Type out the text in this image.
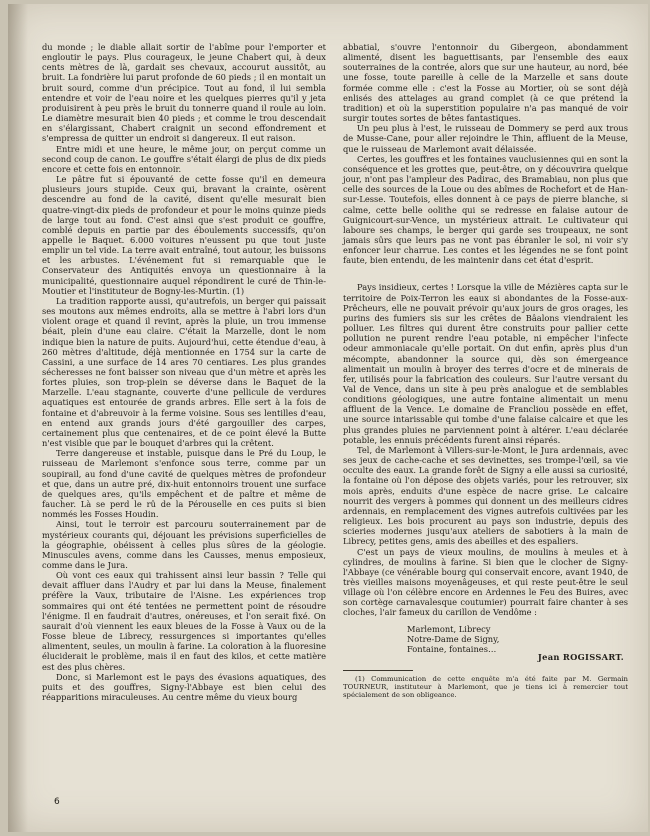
du monde ; le diable allait sortir de l'abîme pour l'emporter et engloutir le pays. Plus courageux, le jeune Chabert qui, à deux cents mètres de là, gardait ses chevaux, accourut aussitôt, au bruit. La fondrière lui parut profonde de 60 pieds ; il en montait un bruit sourd, comme d'un précipice. Tout au fond, il lui sembla entendre et voir de l'eau noire et les quelques pierres qu'il y jeta produisirent à peu près le bruit du tonnerre quand il roule au loin. Le diamètre mesurait bien 40 pieds ; et comme le trou descendait en s'élargissant, Chabert craignit un second effondrement et s'empressa de quitter un endroit si dangereux. Il eut raison.

Entre midi et une heure, le même jour, on perçut comme un second coup de canon. Le gouffre s'était élargi de plus de dix pieds encore et cette fois en entonnoir.

Le pâtre fut si épouvanté de cette fosse qu'il en demeura plusieurs jours stupide. Ceux qui, bravant la crainte, osèrent descendre au fond de la cavité, disent qu'elle mesurait bien quatre-vingt-dix pieds de profondeur et pour le moins quinze pieds de large tout au fond. C'est ainsi que s'est produit ce gouffre, comblé depuis en partie par des éboulements successifs, qu'on appelle le Baquet. 6.000 voitures n'eussent pu que tout juste emplir un tel vide. La terre avait entraîné, tout autour, les buissons et les arbustes. L'événement fut si remarquable que le Conservateur des Antiquités envoya un questionnaire à la municipalité, questionnaire auquel répondirent le curé de Thin-le-Moutier et l'instituteur de Bogny-les-Murtin. (1)

La tradition rapporte aussi, qu'autrefois, un berger qui paissait ses moutons aux mêmes endroits, alla se mettre à l'abri lors d'un violent orage et quand il revint, après la pluie, un trou immense béait, plein d'une eau claire. C'était la Marzelle, dont le nom indique bien la nature de puits. Aujourd'hui, cette étendue d'eau, à 260 mètres d'altitude, déjà mentionnée en 1754 sur la carte de Cassini, a une surface de 14 ares 70 centiares. Les plus grandes sécheresses ne font baisser son niveau que d'un mètre et après les fortes pluies, son trop-plein se déverse dans le Baquet de la Marzelle. L'eau stagnante, couverte d'une pellicule de verdures aquatiques est entourée de grands arbres. Elle sert à la fois de fontaine et d'abreuvoir à la ferme voisine. Sous ses lentilles d'eau, en entend aux grands jours d'été gargouiller des carpes, certainement plus que centenaires, et de ce point élevé la Butte n'est visible que par le bouquet d'arbres qui la crêtent.

Terre dangereuse et instable, puisque dans le Pré du Loup, le ruisseau de Marlemont s'enfonce sous terre, comme par un soupirail, au fond d'une cavité de quelques mètres de profondeur et que, dans un autre pré, dix-huit entonnoirs trouent une surface de quelques ares, qu'ils empêchent et de paître et même de faucher. Là se perd le rû de la Pérouselle en ces puits si bien nommés les Fosses Houdin.

Ainsi, tout le terroir est parcouru souterrainement par de mystérieux courants qui, déjouant les prévisions superficielles de la géographie, obéissent à celles plus sûres de la géologie. Minuscules avens, comme dans les Causses, menus emposieux, comme dans le Jura.

Où vont ces eaux qui trahissent ainsi leur bassin ? Telle qui devait affluer dans l'Audry et par lui dans la Meuse, finalement préfère la Vaux, tributaire de l'Aisne. Les expériences trop sommaires qui ont été tentées ne permettent point de résoudre l'énigme. Il en faudrait d'autres, onéreuses, et l'on serait fixé. On saurait d'où viennent les eaux bleues de la Fosse à Vaux ou de la Fosse bleue de Librecy, ressurgences si importantes qu'elles alimentent, seules, un moulin à farine. La coloration à la fluoresine éluciderait le problème, mais il en faut des kilos, et cette matière est des plus chères.

Donc, si Marlemont est le pays des évasions aquatiques, des puits et des gouffres, Signy-l'Abbaye est bien celui des réapparitions miraculeuses. Au centre même du vieux bourg

abbatial, s'ouvre l'entonnoir du Gibergeon, abondamment alimenté, disent les baguettisants, par l'ensemble des eaux souterraines de la contrée, alors que sur une hauteur, au nord, bée une fosse, toute pareille à celle de la Marzelle et sans doute formée comme elle : c'est la Fosse au Mortier, où se sont déjà enlisés des attelages au grand complet (à ce que prétend la tradition) et où la superstition populaire n'a pas manqué de voir surgir toutes sortes de bêtes fantastiques.

Un peu plus à l'est, le ruisseau de Dommery se perd aux trous de Musse-Cane, pour aller rejoindre le Thin, affluent de la Meuse, que le ruisseau de Marlemont avait délaissée.

Certes, les gouffres et les fontaines vauclusiennes qui en sont la conséquence et les grottes que, peut-être, on y découvrira quelque jour, n'ont pas l'ampleur des Padirac, des Bramabiau, non plus que celle des sources de la Loue ou des abîmes de Rochefort et de Han-sur-Lesse. Toutefois, elles donnent à ce pays de pierre blanche, si calme, cette belle oolithe qui se redresse en falaise autour de Guignicourt-sur-Vence, un mystérieux attrait. Le cultivateur qui laboure ses champs, le berger qui garde ses troupeaux, ne sont jamais sûrs que leurs pas ne vont pas ébranler le sol, ni voir s'y enfoncer leur charrue. Les contes et les légendes ne se font point faute, bien entendu, de les maintenir dans cet état d'esprit.

Pays insidieux, certes ! Lorsque la ville de Mézières capta sur le territoire de Poix-Terron les eaux si abondantes de la Fosse-aux-Prêcheurs, elle ne pouvait prévoir qu'aux jours de gros orages, les purins des fumiers sis sur les crêtes de Bâalons viendraient les polluer. Les filtres qui durent être construits pour pallier cette pollution ne purent rendre l'eau potable, ni empêcher l'infecte odeur ammoniacale qu'elle portait. On dut enfin, après plus d'un mécompte, abandonner la source qui, dès son émergeance alimentait un moulin à broyer des terres d'ocre et de minerais de fer, utilisés pour la fabrication des couleurs. Sur l'autre versant du Val de Vence, dans un site à peu près analogue et de semblables conditions géologiques, une autre fontaine alimentait un menu affluent de la Vence. Le domaine de Francliou possède en effet, une source intarissable qui tombe d'une falaise calcaire et que les plus grandes pluies ne parviennent point à altérer. L'eau déclarée potable, les ennuis précédents furent ainsi réparés.

Tel, de Marlemont à Villers-sur-le-Mont, le Jura ardennais, avec ses jeux de cache-cache et ses devinettes, ses trompe-l'œil, sa vie occulte des eaux. La grande forêt de Signy a elle aussi sa curiosité, la fontaine où l'on dépose des objets variés, pour les retrouver, six mois après, enduits d'une espèce de nacre grise. Le calcaire nourrit des vergers à pommes qui donnent un des meilleurs cidres ardennais, en remplacement des vignes autrefois cultivées par les religieux. Les bois procurent au pays son industrie, depuis des scieries modernes jusqu'aux ateliers de sabotiers à la main de Librecy, petites gens, amis des abeilles et des espaliers.

C'est un pays de vieux moulins, de moulins à meules et à cylindres, de moulins à farine. Si bien que le clocher de Signy-l'Abbaye (ce vénérable bourg qui conservait encore, avant 1940, de très vieilles maisons moyenâgeuses, et qui reste peut-être le seul village où l'on célèbre encore en Ardennes le Feu des Buires, avec son cortège carnavalesque coutumier) pourrait faire chanter à ses cloches, l'air fameux du carillon de Vendôme :

Marlemont, Librecy
Notre-Dame de Signy,
Fontaine, fontaines…
Jean ROGISSART.

(1) Communication de cette enquête m'a été faite par M. Germain TOURNEUR, instituteur à Marlemont, que je tiens ici à remercier tout spécialement de son obligeance.

6
